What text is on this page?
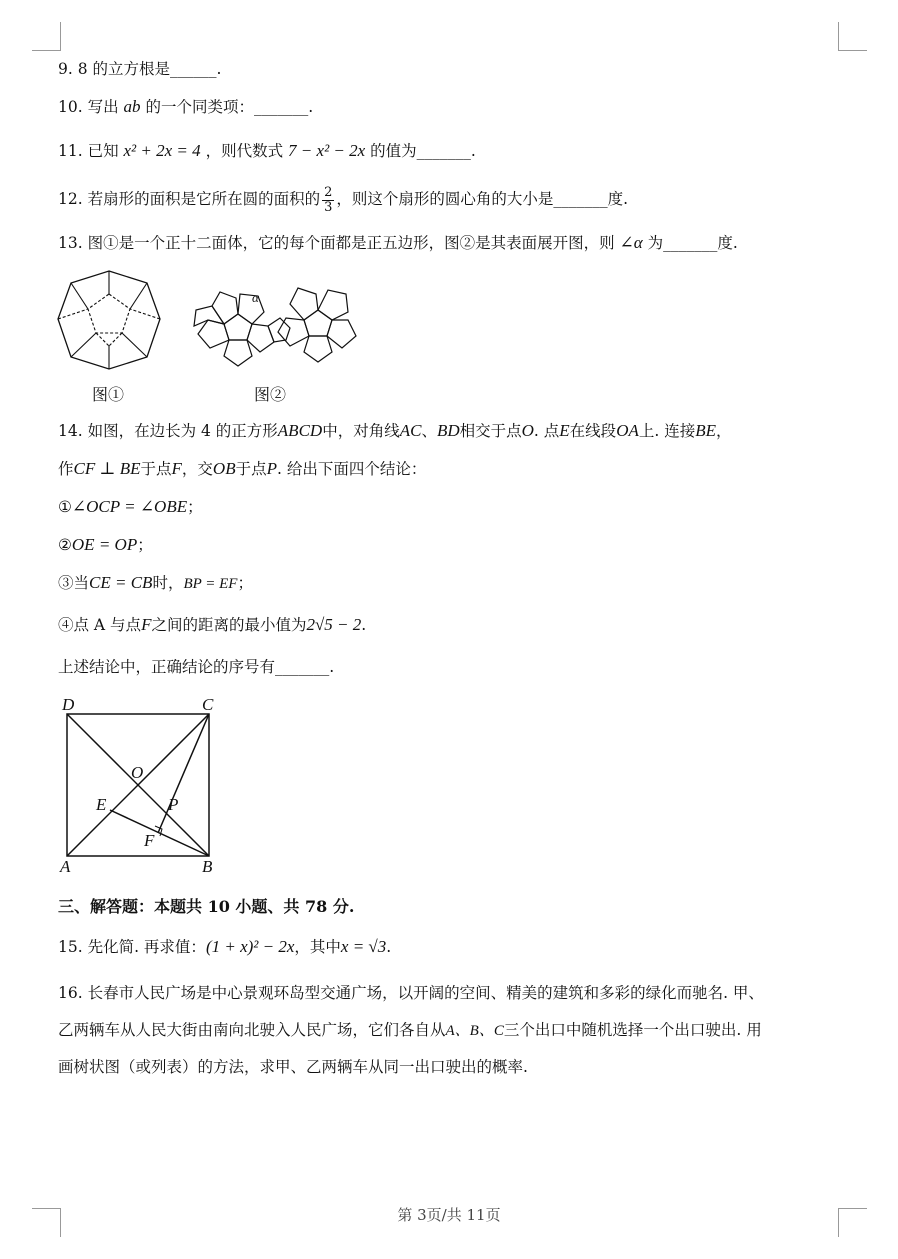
9. 8 的立方根是______.
10. 写出 ab 的一个同类项：_______.
11. 已知 x² + 2x = 4 ，则代数式 7 − x² − 2x 的值为_______.
12. 若扇形的面积是它所在圆的面积的 $\frac{2}{3}$ ，则这个扇形的圆心角的大小是_______度.
13. 图①是一个正十二面体，它的每个面都是正五边形，图②是其表面展开图，则 ∠α 为_______度.
图①
α
图②
14. 如图，在边长为 4 的正方形ABCD中，对角线AC、BD相交于点O. 点E在线段OA上. 连接BE，
作CF ⊥ BE于点F，交OB于点P. 给出下面四个结论：
①∠OCP = ∠OBE；
②OE = OP；
③当CE = CB时，BP = EF；
④点 A 与点F之间的距离的最小值为2√5 − 2.
上述结论中，正确结论的序号有_______.
D	C
O
E	P
F
A	B
三、解答题：本题共 10 小题、共 78 分.
15. 先化简. 再求值：(1 + x)² − 2x，其中x = √3.
16. 长春市人民广场是中心景观环岛型交通广场，以开阔的空间、精美的建筑和多彩的绿化而驰名. 甲、
乙两辆车从人民大街由南向北驶入人民广场，它们各自从A、B、C三个出口中随机选择一个出口驶出. 用
画树状图（或列表）的方法，求甲、乙两辆车从同一出口驶出的概率.
第 3页/共 11页
